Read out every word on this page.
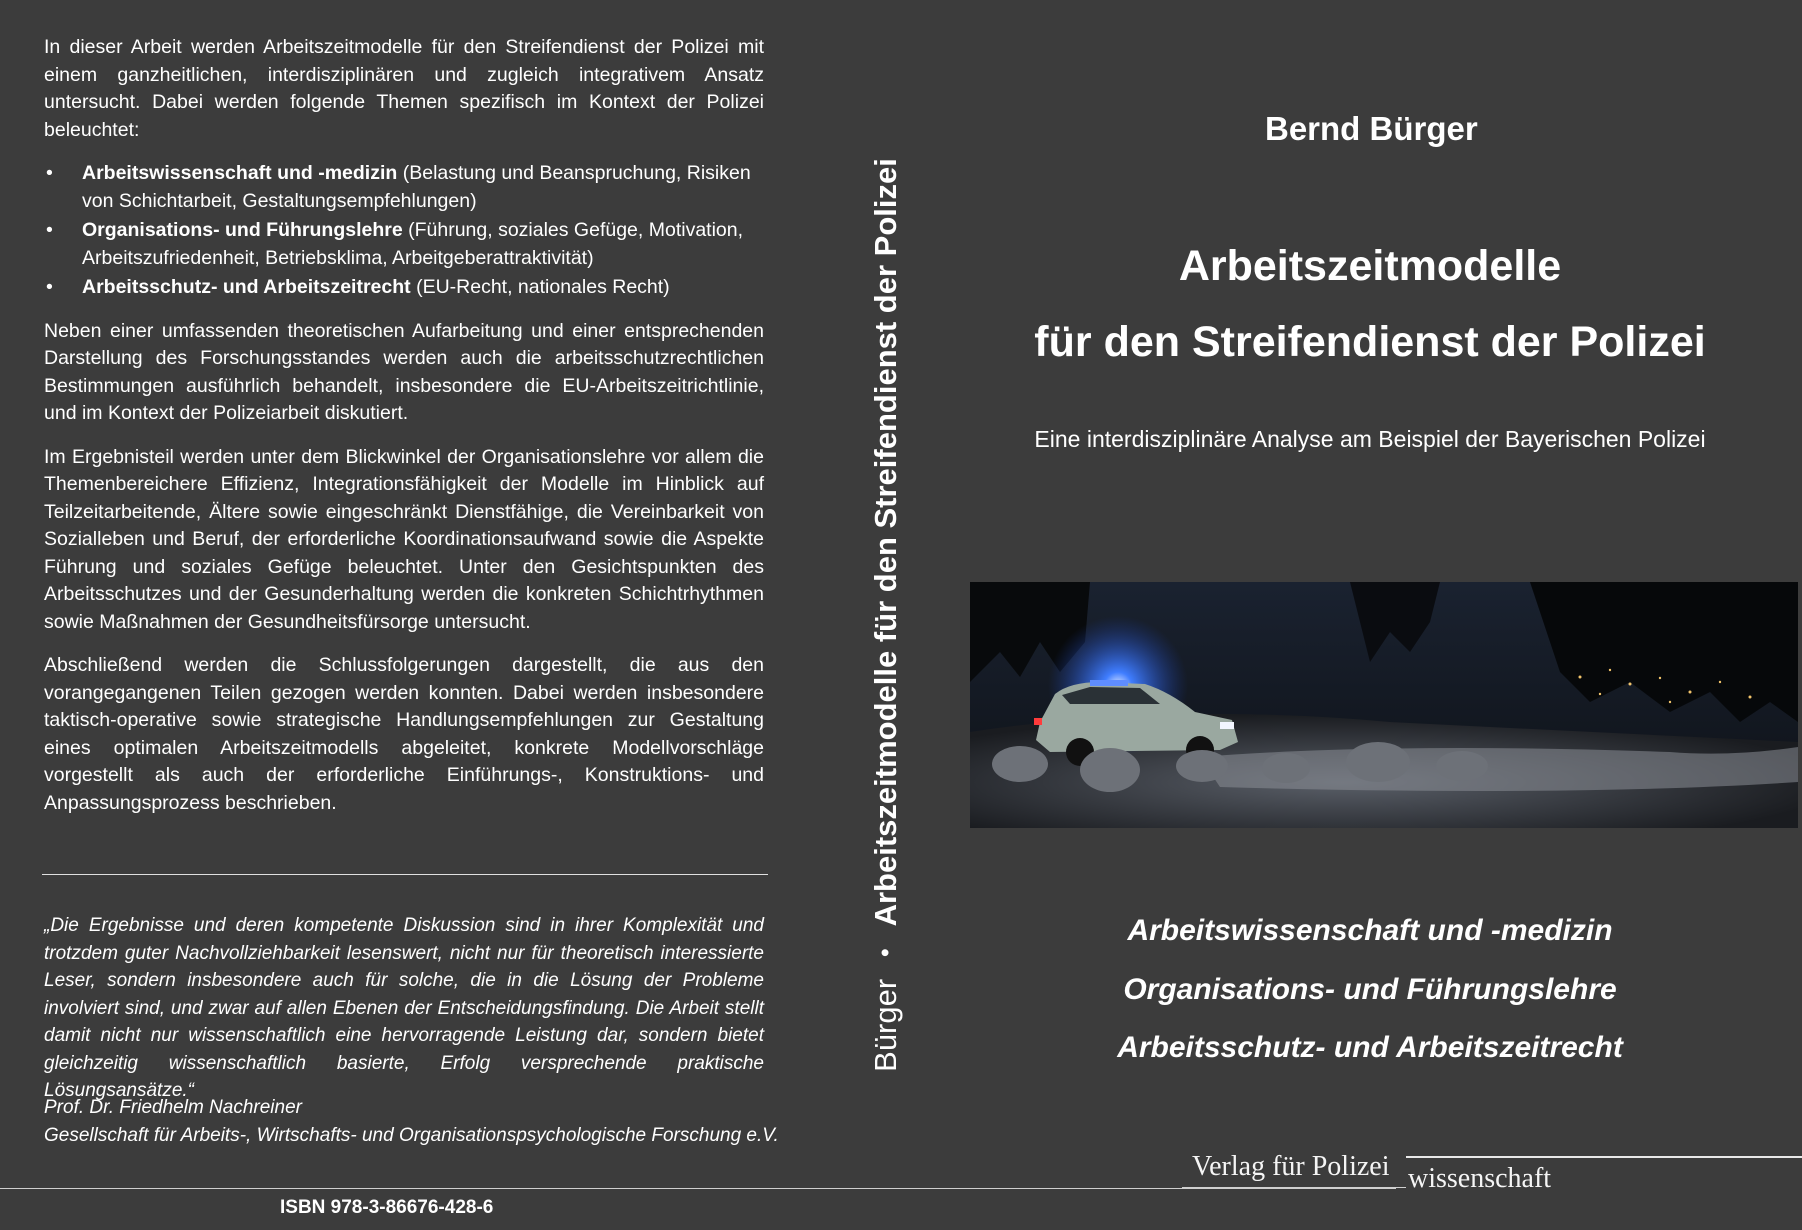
In dieser Arbeit werden Arbeitszeitmodelle für den Streifendienst der Polizei mit einem ganzheitlichen, interdisziplinären und zugleich integrativem Ansatz untersucht. Dabei werden folgende Themen spezifisch im Kontext der Polizei beleuchtet:

• Arbeitswissenschaft und -medizin (Belastung und Beanspruchung, Risiken von Schichtarbeit, Gestaltungsempfehlungen)
• Organisations- und Führungslehre (Führung, soziales Gefüge, Motivation, Arbeitszufriedenheit, Betriebsklima, Arbeitgeberattraktivität)
• Arbeitsschutz- und Arbeitszeitrecht (EU-Recht, nationales Recht)

Neben einer umfassenden theoretischen Aufarbeitung und einer entsprechenden Darstellung des Forschungsstandes werden auch die arbeitsschutzrechtlichen Bestimmungen ausführlich behandelt, insbesondere die EU-Arbeitszeitrichtlinie, und im Kontext der Polizeiarbeit diskutiert.

Im Ergebnisteil werden unter dem Blickwinkel der Organisationslehre vor allem die Themenbereichere Effizienz, Integrationsfähigkeit der Modelle im Hinblick auf Teilzeitarbeitende, Ältere sowie eingeschränkt Dienstfähige, die Vereinbarkeit von Sozialleben und Beruf, der erforderliche Koordinationsaufwand sowie die Aspekte Führung und soziales Gefüge beleuchtet. Unter den Gesichtspunkten des Arbeitsschutzes und der Gesunderhaltung werden die konkreten Schichtrhythmen sowie Maßnahmen der Gesundheitsfürsorge untersucht.

Abschließend werden die Schlussfolgerungen dargestellt, die aus den vorangegangenen Teilen gezogen werden konnten. Dabei werden insbesondere taktisch-operative sowie strategische Handlungsempfehlungen zur Gestaltung eines optimalen Arbeitszeitmodells abgeleitet, konkrete Modellvorschläge vorgestellt als auch der erforderliche Einführungs-, Konstruktions- und Anpassungsprozess beschrieben.

„Die Ergebnisse und deren kompetente Diskussion sind in ihrer Komplexität und trotzdem guter Nachvollziehbarkeit lesenswert, nicht nur für theoretisch interessierte Leser, sondern insbesondere auch für solche, die in die Lösung der Probleme involviert sind, und zwar auf allen Ebenen der Entscheidungsfindung. Die Arbeit stellt damit nicht nur wissenschaftlich eine hervorragende Leistung dar, sondern bietet gleichzeitig wissenschaftlich basierte, Erfolg versprechende praktische Lösungsansätze.“
Prof. Dr. Friedhelm Nachreiner
Gesellschaft für Arbeits-, Wirtschafts- und Organisationspsychologische Forschung e.V.
ISBN 978-3-86676-428-6
Bürger
•
Arbeitszeitmodelle für den Streifendienst der Polizei
Bernd Bürger
Arbeitszeitmodelle
für den Streifendienst der Polizei
Eine interdisziplinäre Analyse am Beispiel der Bayerischen Polizei
Arbeitswissenschaft und -medizin
Organisations- und Führungslehre
Arbeitsschutz- und Arbeitszeitrecht
Verlag für Polizei wissenschaft
